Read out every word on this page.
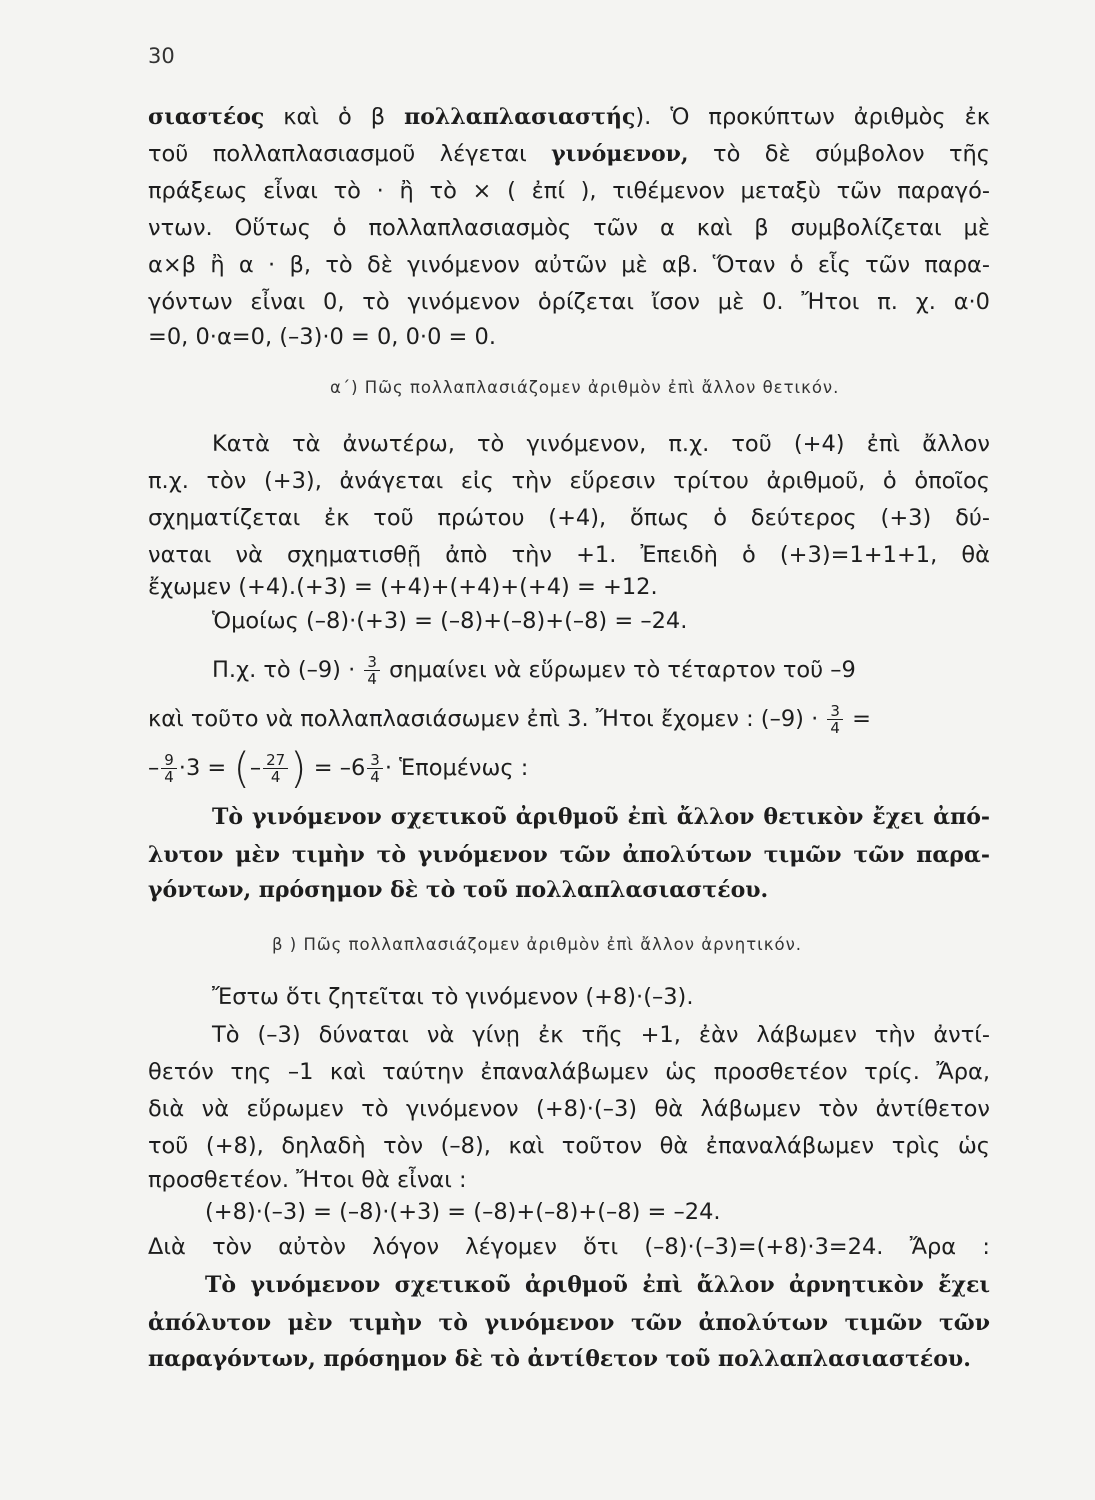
30
σιαστέος καὶ ὁ β πολλαπλασιαστής). Ὁ προκύπτων ἀριθμὸς ἐκ
τοῦ πολλαπλασιασμοῦ λέγεται γινόμενον, τὸ δὲ σύμβολον τῆς
πράξεως εἶναι τὸ · ἢ τὸ × ( ἐπί ), τιθέμενον μεταξὺ τῶν παραγό-
ντων. Οὕτως ὁ πολλαπλασιασμὸς τῶν α καὶ β συμβολίζεται μὲ
α×β ἢ α · β, τὸ δὲ γινόμενον αὐτῶν μὲ αβ. Ὅταν ὁ εἷς τῶν παρα-
γόντων εἶναι 0, τὸ γινόμενον ὁρίζεται ἴσον μὲ 0. Ἤτοι π. χ. α·0
=0, 0·α=0, (–3)·0 = 0, 0·0 = 0.
α΄) Πῶς πολλαπλασιάζομεν ἀριθμὸν ἐπὶ ἄλλον θετικόν.
Κατὰ τὰ ἀνωτέρω, τὸ γινόμενον, π.χ. τοῦ (+4) ἐπὶ ἄλλον
π.χ. τὸν (+3), ἀνάγεται εἰς τὴν εὕρεσιν τρίτου ἀριθμοῦ, ὁ ὁποῖος
σχηματίζεται ἐκ τοῦ πρώτου (+4), ὅπως ὁ δεύτερος (+3) δύ-
ναται νὰ σχηματισθῇ ἀπὸ τὴν +1. Ἐπειδὴ ὁ (+3)=1+1+1, θὰ
ἔχωμεν (+4).(+3) = (+4)+(+4)+(+4) = +12.
Ὁμοίως (–8)·(+3) = (–8)+(–8)+(–8) = –24.
Π.χ. τὸ $(-9) \cdot \frac{3}{4}$ σημαίνει νὰ εὕρωμεν τὸ τέταρτον τοῦ –9
καὶ τοῦτο νὰ πολλαπλασιάσωμεν ἐπὶ 3. Ἤτοι ἔχομεν : $(-9) \cdot \frac{3}{4}$ =
– $\frac{9}{4} \cdot 3$ = (– $\frac{27}{4}$ ) = $-6 \frac{3}{4}$ · Ἑπομένως :
Τὸ γινόμενον σχετικοῦ ἀριθμοῦ ἐπὶ ἄλλον θετικὸν ἔχει ἀπό-
λυτον μὲν τιμὴν τὸ γινόμενον τῶν ἀπολύτων τιμῶν τῶν παρα-
γόντων, πρόσημον δὲ τὸ τοῦ πολλαπλασιαστέου.
β ) Πῶς πολλαπλασιάζομεν ἀριθμὸν ἐπὶ ἄλλον ἀρνητικόν.
Ἔστω ὅτι ζητεῖται τὸ γινόμενον (+8)·(–3).
Τὸ (–3) δύναται νὰ γίνῃ ἐκ τῆς +1, ἐὰν λάβωμεν τὴν ἀντί-
θετόν της –1 καὶ ταύτην ἐπαναλάβωμεν ὡς προσθετέον τρίς. Ἄρα,
διὰ νὰ εὕρωμεν τὸ γινόμενον (+8)·(–3) θὰ λάβωμεν τὸν ἀντίθετον
τοῦ (+8), δηλαδὴ τὸν (–8), καὶ τοῦτον θὰ ἐπαναλάβωμεν τρὶς ὡς
προσθετέον. Ἤτοι θὰ εἶναι :
(+8)·(–3) = (–8)·(+3) = (–8)+(–8)+(–8) = –24.
Διὰ τὸν αὐτὸν λόγον λέγομεν ὅτι (–8)·(–3)=(+8)·3=24. Ἄρα :
Τὸ γινόμενον σχετικοῦ ἀριθμοῦ ἐπὶ ἄλλον ἀρνητικὸν ἔχει
ἀπόλυτον μὲν τιμὴν τὸ γινόμενον τῶν ἀπολύτων τιμῶν τῶν
παραγόντων, πρόσημον δὲ τὸ ἀντίθετον τοῦ πολλαπλασιαστέου.
